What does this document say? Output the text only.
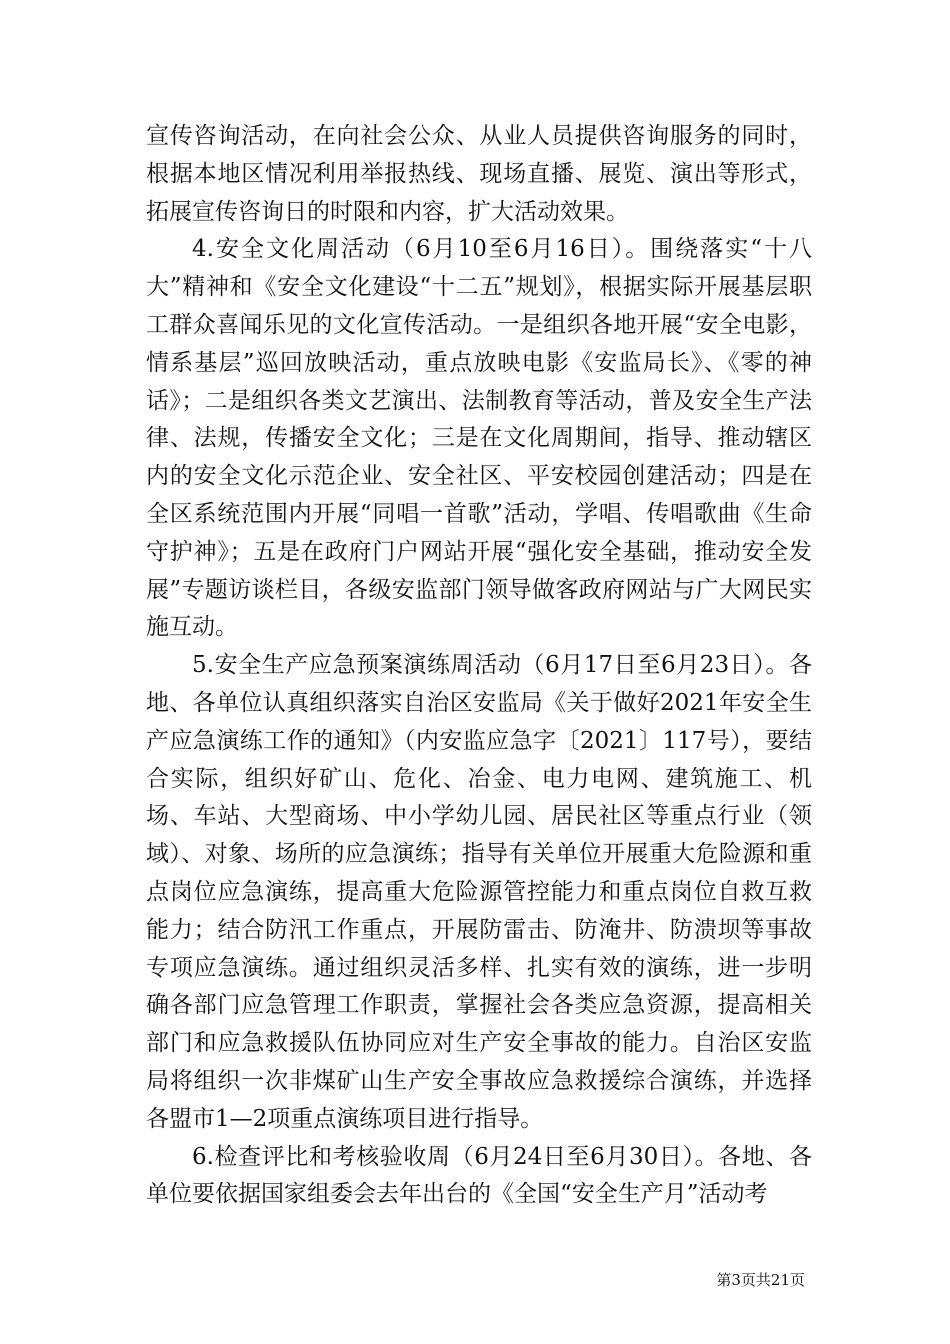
宣传咨询活动，在向社会公众、从业人员提供咨询服务的同时，根据本地区情况利用举报热线、现场直播、展览、演出等形式，拓展宣传咨询日的时限和内容，扩大活动效果。

4.安全文化周活动（6月10至6月16日）。围绕落实“十八大”精神和《安全文化建设“十二五”规划》，根据实际开展基层职工群众喜闻乐见的文化宣传活动。一是组织各地开展“安全电影，情系基层”巡回放映活动，重点放映电影《安监局长》、《零的神话》；二是组织各类文艺演出、法制教育等活动，普及安全生产法律、法规，传播安全文化；三是在文化周期间，指导、推动辖区内的安全文化示范企业、安全社区、平安校园创建活动；四是在全区系统范围内开展“同唱一首歌”活动，学唱、传唱歌曲《生命守护神》；五是在政府门户网站开展“强化安全基础，推动安全发展”专题访谈栏目，各级安监部门领导做客政府网站与广大网民实施互动。

5.安全生产应急预案演练周活动（6月17日至6月23日）。各地、各单位认真组织落实自治区安监局《关于做好2021年安全生产应急演练工作的通知》（内安监应急字〔2021〕117号），要结合实际，组织好矿山、危化、冶金、电力电网、建筑施工、机场、车站、大型商场、中小学幼儿园、居民社区等重点行业（领域）、对象、场所的应急演练；指导有关单位开展重大危险源和重点岗位应急演练，提高重大危险源管控能力和重点岗位自救互救能力；结合防汛工作重点，开展防雷击、防淹井、防溃坝等事故专项应急演练。通过组织灵活多样、扎实有效的演练，进一步明确各部门应急管理工作职责，掌握社会各类应急资源，提高相关部门和应急救援队伍协同应对生产安全事故的能力。自治区安监局将组织一次非煤矿山生产安全事故应急救援综合演练，并选择各盟市1—2项重点演练项目进行指导。

6.检查评比和考核验收周（6月24日至6月30日）。各地、各单位要依据国家组委会去年出台的《全国“安全生产月”活动考

第3页共21页
